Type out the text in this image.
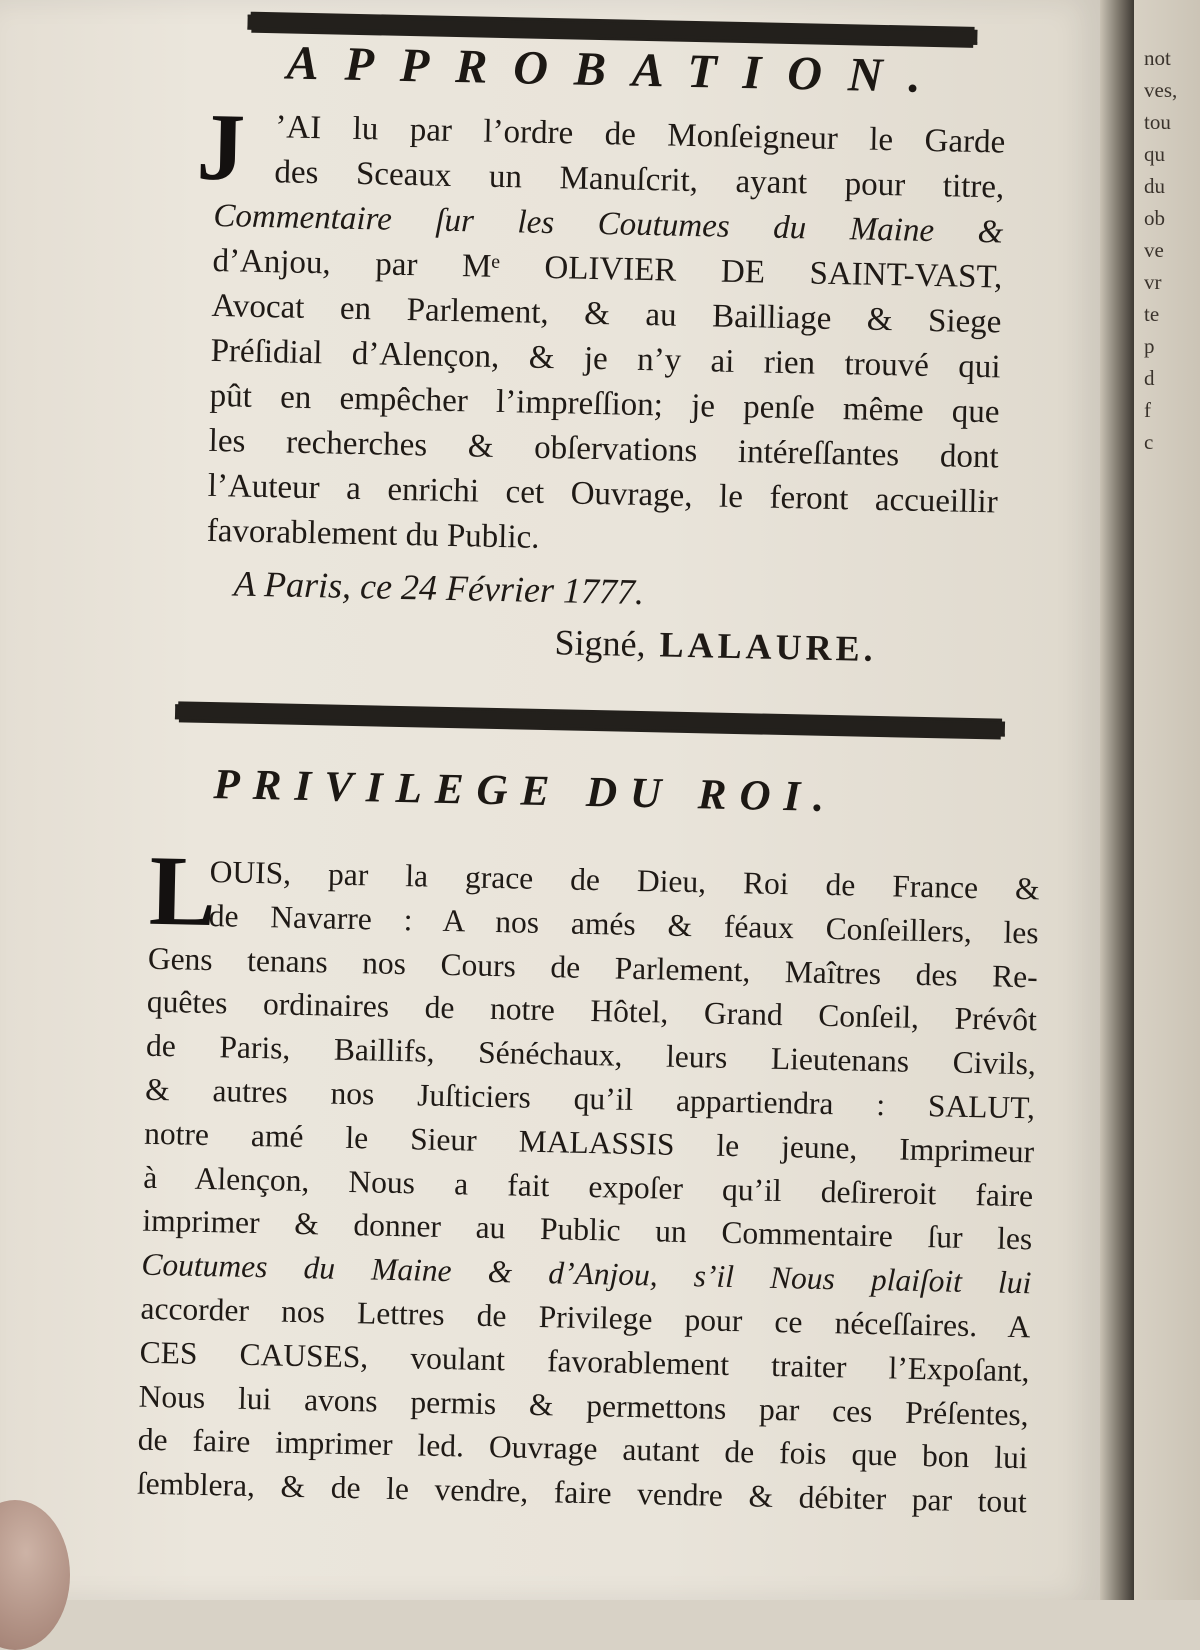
APPROBATION.
J ’AI lu par l’ordre de Monſeigneur le Garde
des Sceaux un Manuſcrit, ayant pour titre,
Commentaire ſur les Coutumes du Maine &
d’Anjou, par Mᵉ OLIVIER DE SAINT-VAST,
Avocat en Parlement, & au Bailliage & Siege
Préſidial d’Alençon, & je n’y ai rien trouvé qui
pût en empêcher l’impreſſion; je penſe même que
les recherches & obſervations intéreſſantes dont
l’Auteur a enrichi cet Ouvrage, le feront accueillir
favorablement du Public.
A Paris, ce 24 Février 1777.
Signé, LALAURE.
PRIVILEGE DU ROI.
L
OUIS, par la grace de Dieu, Roi de France &
de Navarre : A nos amés & féaux Conſeillers, les
Gens tenans nos Cours de Parlement, Maîtres des Re-
quêtes ordinaires de notre Hôtel, Grand Conſeil, Prévôt
de Paris, Baillifs, Sénéchaux, leurs Lieutenans Civils,
& autres nos Juſticiers qu’il appartiendra : SALUT,
notre amé le Sieur MALASSIS le jeune, Imprimeur
à Alençon, Nous a fait expoſer qu’il deſireroit faire
imprimer & donner au Public un Commentaire ſur les
Coutumes du Maine & d’Anjou, s’il Nous plaiſoit lui
accorder nos Lettres de Privilege pour ce néceſſaires. A
CES CAUSES, voulant favorablement traiter l’Expoſant,
Nous lui avons permis & permettons par ces Préſentes,
de faire imprimer led. Ouvrage autant de fois que bon lui
ſemblera, & de le vendre, faire vendre & débiter par tout
not
ves,
tou
qu
du
ob
ve
vr
te
p
d
f
c
